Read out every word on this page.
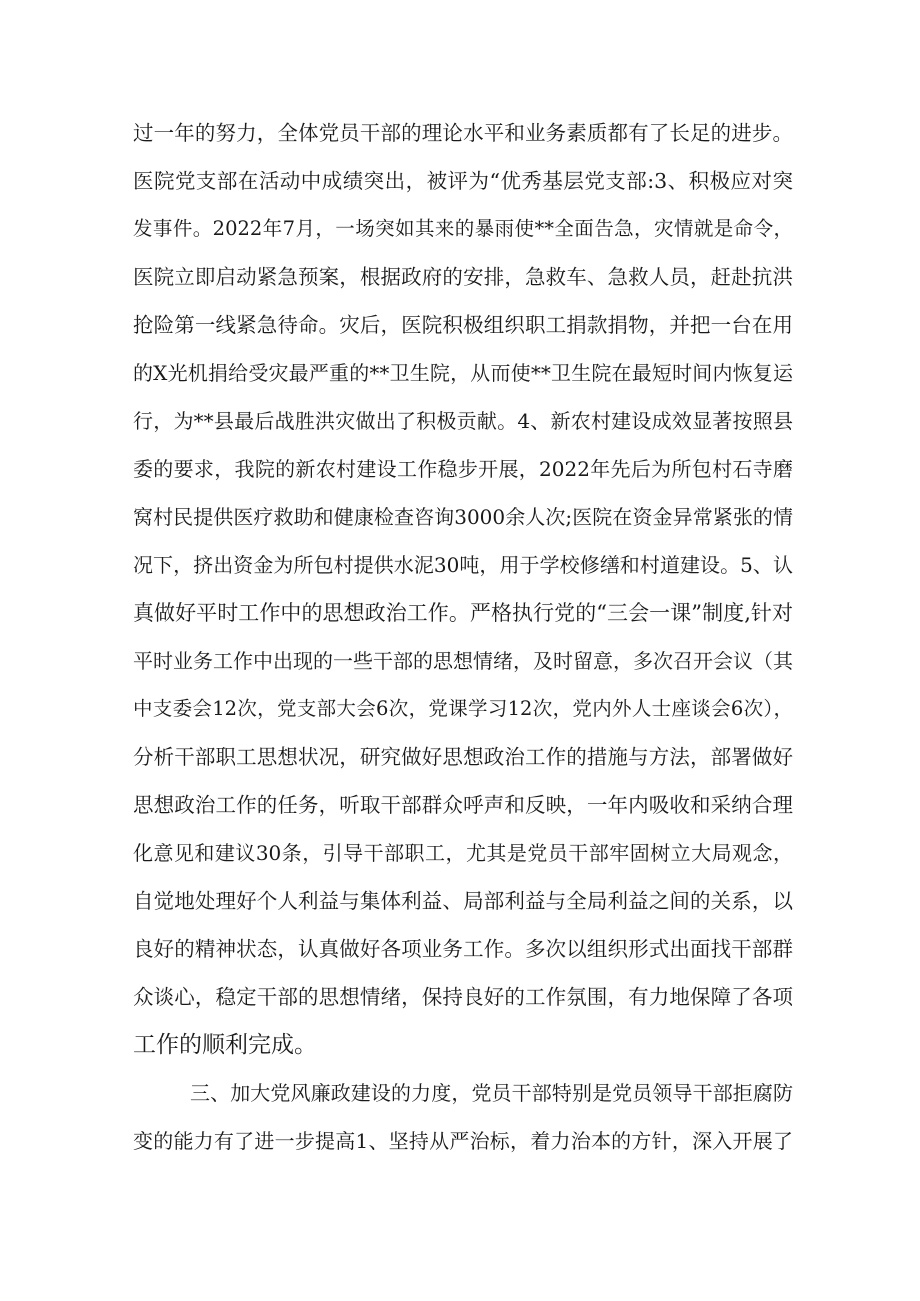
过一年的努力，全体党员干部的理论水平和业务素质都有了长足的进步。
医院党支部在活动中成绩突出，被评为“优秀基层党支部:3、积极应对突
发事件。2022年7月，一场突如其来的暴雨使**全面告急，灾情就是命令，
医院立即启动紧急预案，根据政府的安排，急救车、急救人员，赶赴抗洪
抢险第一线紧急待命。灾后，医院积极组织职工捐款捐物，并把一台在用
的X光机捐给受灾最严重的**卫生院，从而使**卫生院在最短时间内恢复运
行，为**县最后战胜洪灾做出了积极贡献。4、新农村建设成效显著按照县
委的要求，我院的新农村建设工作稳步开展，2022年先后为所包村石寺磨
窝村民提供医疗救助和健康检查咨询3000余人次;医院在资金异常紧张的情
况下，挤出资金为所包村提供水泥30吨，用于学校修缮和村道建设。5、认
真做好平时工作中的思想政治工作。严格执行党的“三会一课”制度,针对
平时业务工作中出现的一些干部的思想情绪，及时留意，多次召开会议（其
中支委会12次，党支部大会6次，党课学习12次，党内外人士座谈会6次），
分析干部职工思想状况，研究做好思想政治工作的措施与方法，部署做好
思想政治工作的任务，听取干部群众呼声和反映，一年内吸收和采纳合理
化意见和建议30条，引导干部职工，尤其是党员干部牢固树立大局观念，
自觉地处理好个人利益与集体利益、局部利益与全局利益之间的关系，以
良好的精神状态，认真做好各项业务工作。多次以组织形式出面找干部群
众谈心，稳定干部的思想情绪，保持良好的工作氛围，有力地保障了各项
工作的顺利完成。
三、加大党风廉政建设的力度，党员干部特别是党员领导干部拒腐防
变的能力有了进一步提高1、坚持从严治标，着力治本的方针，深入开展了
